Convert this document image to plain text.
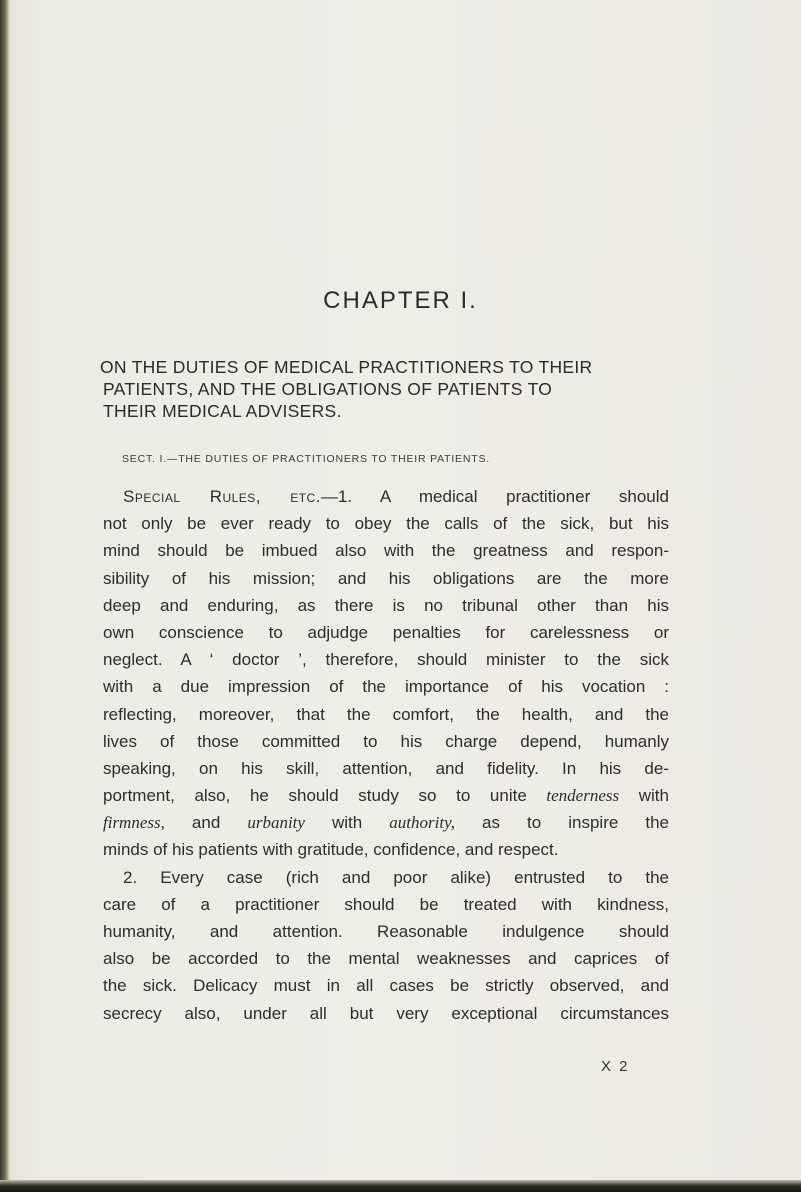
CHAPTER I.
ON THE DUTIES OF MEDICAL PRACTITIONERS TO THEIR
PATIENTS, AND THE OBLIGATIONS OF PATIENTS TO
THEIR MEDICAL ADVISERS.
SECT. I.—THE DUTIES OF PRACTITIONERS TO THEIR PATIENTS.
Special Rules, etc.—1. A medical practitioner should
not only be ever ready to obey the calls of the sick, but his
mind should be imbued also with the greatness and respon-
sibility of his mission; and his obligations are the more
deep and enduring, as there is no tribunal other than his
own conscience to adjudge penalties for carelessness or
neglect. A ‘ doctor ’, therefore, should minister to the sick
with a due impression of the importance of his vocation :
reflecting, moreover, that the comfort, the health, and the
lives of those committed to his charge depend, humanly
speaking, on his skill, attention, and fidelity. In his de-
portment, also, he should study so to unite tenderness with
firmness, and urbanity with authority, as to inspire the
minds of his patients with gratitude, confidence, and respect.
2. Every case (rich and poor alike) entrusted to the
care of a practitioner should be treated with kindness,
humanity, and attention. Reasonable indulgence should
also be accorded to the mental weaknesses and caprices of
the sick. Delicacy must in all cases be strictly observed, and
secrecy also, under all but very exceptional circumstances
X 2
